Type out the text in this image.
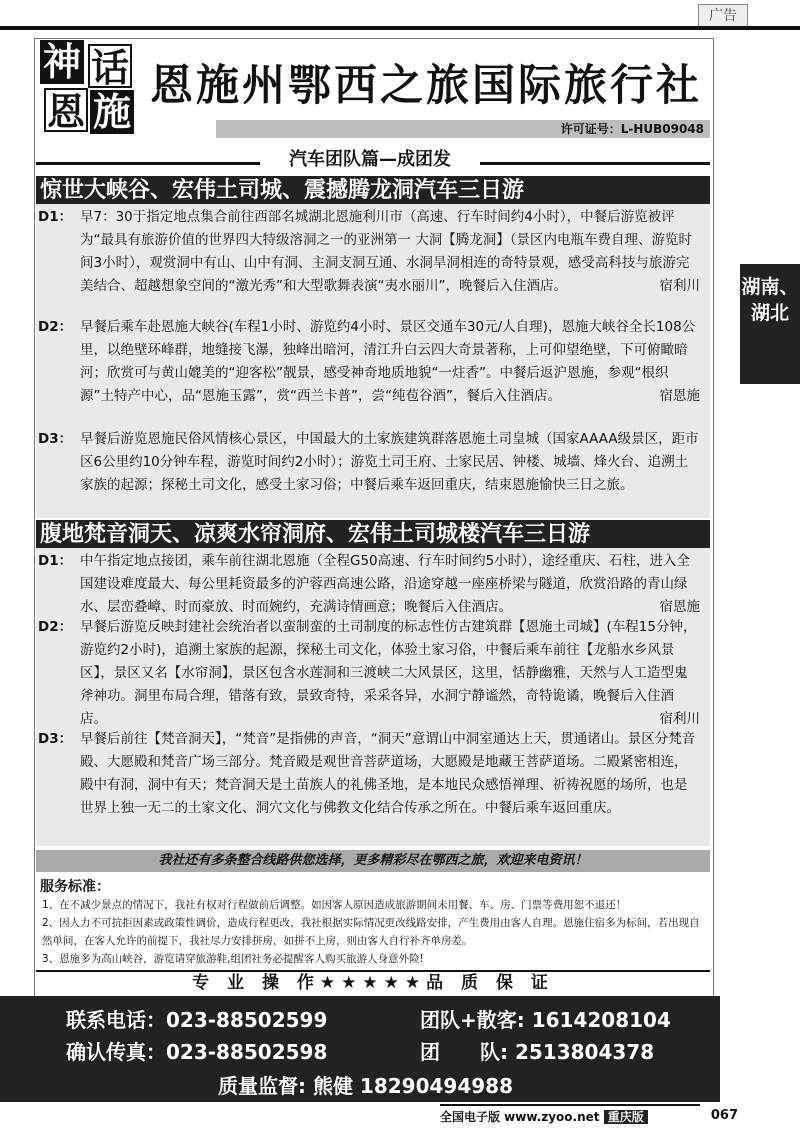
广告
神 话
恩 施
恩施州鄂西之旅国际旅行社
许可证号：L-HUB09048
汽车团队篇—成团发
湖南、
湖北
惊世大峡谷、宏伟土司城、震撼腾龙洞汽车三日游
D1： 早7：30于指定地点集合前往西部名城湖北恩施利川市（高速、行车时间约4小时），中餐后游览被评为“最具有旅游价值的世界四大特级溶洞之一的亚洲第一 大洞【腾龙洞】（景区内电瓶车费自理、游览时间3小时），观赏洞中有山、山中有洞、主洞支洞互通、水洞旱洞相连的奇特景观，感受高科技与旅游完美结合、超越想象空间的“激光秀”和大型歌舞表演“夷水丽川”，晚餐后入住酒店。	宿利川
D2： 早餐后乘车赴恩施大峡谷(车程1小时、游览约4小时、景区交通车30元/人自理)，恩施大峡谷全长108公里，以绝壁环峰群，地缝接飞瀑，独峰出暗河，清江升白云四大奇景著称，上可仰望绝壁，下可俯瞰暗河；欣赏可与黄山媲美的“迎客松”靓景，感受神奇地质地貌“一炷香”。中餐后返沪恩施，参观“根织源”土特产中心，品“恩施玉露”，赏“西兰卡普”，尝“纯苞谷酒”，餐后入住酒店。	宿恩施
D3： 早餐后游览恩施民俗风情核心景区，中国最大的土家族建筑群落恩施土司皇城（国家AAAA级景区，距市区6公里约10分钟车程，游览时间约2小时）；游览土司王府、土家民居、钟楼、城墙、烽火台、追溯土家族的起源；探秘土司文化，感受土家习俗；中餐后乘车返回重庆，结束恩施愉快三日之旅。
腹地梵音洞天、凉爽水帘洞府、宏伟土司城楼汽车三日游
D1： 中午指定地点接团，乘车前往湖北恩施（全程G50高速、行车时间约5小时），途经重庆、石柱，进入全国建设难度最大、每公里耗资最多的沪蓉西高速公路，沿途穿越一座座桥梁与隧道，欣赏沿路的青山绿水、层峦叠嶂、时而豪放、时而婉约，充满诗情画意；晚餐后入住酒店。	宿恩施
D2： 早餐后游览反映封建社会统治者以蛮制蛮的土司制度的标志性仿古建筑群【恩施土司城】(车程15分钟，游览约2小时)，追溯土家族的起源，探秘土司文化，体验土家习俗，中餐后乘车前往【龙船水乡风景区】，景区又名【水帘洞】，景区包含水莲洞和三渡峡二大风景区，这里，恬静幽雅，天然与人工造型鬼斧神功。洞里布局合理，错落有致，景致奇特，采采各异，水洞宁静谧然，奇特诡谲，晚餐后入住酒店。	宿利川
D3： 早餐后前往【梵音洞天】，“梵音”是指佛的声音，“洞天”意谓山中洞室通达上天，贯通诸山。景区分梵音殿、大愿殿和梵音广场三部分。梵音殿是观世音菩萨道场，大愿殿是地藏王菩萨道场。二殿紧密相连，殿中有洞，洞中有天；梵音洞天是土苗族人的礼佛圣地，是本地民众感悟禅理、祈祷祝愿的场所，也是世界上独一无二的土家文化、洞穴文化与佛教文化结合传承之所在。中餐后乘车返回重庆。
我社还有多条整合线路供您选择，更多精彩尽在鄂西之旅，欢迎来电资讯！
服务标准：

1、在不减少景点的情况下，我社有权对行程做前后调整。如因客人原因造成旅游期间未用餐、车、房、门票等费用恕不退还！

2、因人力不可抗拒因素或政策性调价，造成行程更改，我社根据实际情况更改线路安排，产生费用由客人自理。恩施住宿多为标间，若出现自然单间，在客人允许的前提下，我社尽力安排拼房，如拼不上房，则由客人自行补齐单房差。

3、恩施多为高山峡谷，游览请穿旅游鞋,组团社务必提醒客人购买旅游人身意外险!

专 业 操 作★★★★★品 质 保 证
联系电话：023-88502599	团队+散客: 1614208104
确认传真：023-88502598	团　　队: 2513804378
质量监督: 熊健 18290494988
全国电子版 www.zyoo.net 重庆版	067
